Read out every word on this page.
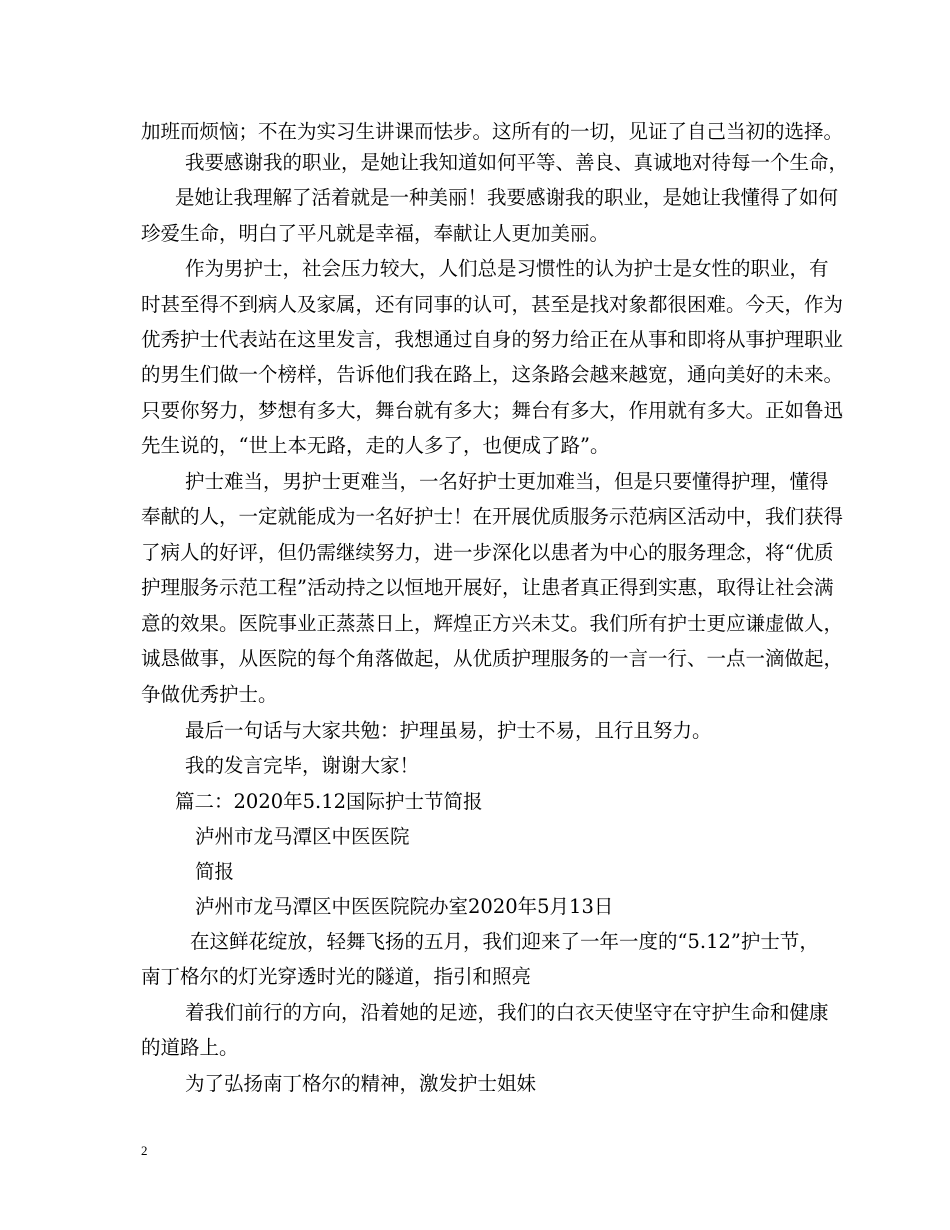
加班而烦恼；不在为实习生讲课而怯步。这所有的一切，见证了自己当初的选择。
我要感谢我的职业，是她让我知道如何平等、善良、真诚地对待每一个生命，
是她让我理解了活着就是一种美丽！我要感谢我的职业，是她让我懂得了如何
珍爱生命，明白了平凡就是幸福，奉献让人更加美丽。
作为男护士，社会压力较大，人们总是习惯性的认为护士是女性的职业，有
时甚至得不到病人及家属，还有同事的认可，甚至是找对象都很困难。今天，作为
优秀护士代表站在这里发言，我想通过自身的努力给正在从事和即将从事护理职业
的男生们做一个榜样，告诉他们我在路上，这条路会越来越宽，通向美好的未来。
只要你努力，梦想有多大，舞台就有多大；舞台有多大，作用就有多大。正如鲁迅
先生说的，“世上本无路，走的人多了，也便成了路”。
护士难当，男护士更难当，一名好护士更加难当，但是只要懂得护理，懂得
奉献的人，一定就能成为一名好护士！在开展优质服务示范病区活动中，我们获得
了病人的好评，但仍需继续努力，进一步深化以患者为中心的服务理念，将“优质
护理服务示范工程”活动持之以恒地开展好，让患者真正得到实惠，取得让社会满
意的效果。医院事业正蒸蒸日上，辉煌正方兴未艾。我们所有护士更应谦虚做人，
诚恳做事，从医院的每个角落做起，从优质护理服务的一言一行、一点一滴做起，
争做优秀护士。
最后一句话与大家共勉：护理虽易，护士不易，且行且努力。
我的发言完毕，谢谢大家！
篇二：2020年5.12国际护士节简报
泸州市龙马潭区中医医院
简报
泸州市龙马潭区中医医院院办室2020年5月13日
在这鲜花绽放，轻舞飞扬的五月，我们迎来了一年一度的“5.12”护士节，
南丁格尔的灯光穿透时光的隧道，指引和照亮
着我们前行的方向，沿着她的足迹，我们的白衣天使坚守在守护生命和健康
的道路上。
为了弘扬南丁格尔的精神，激发护士姐妹
2
